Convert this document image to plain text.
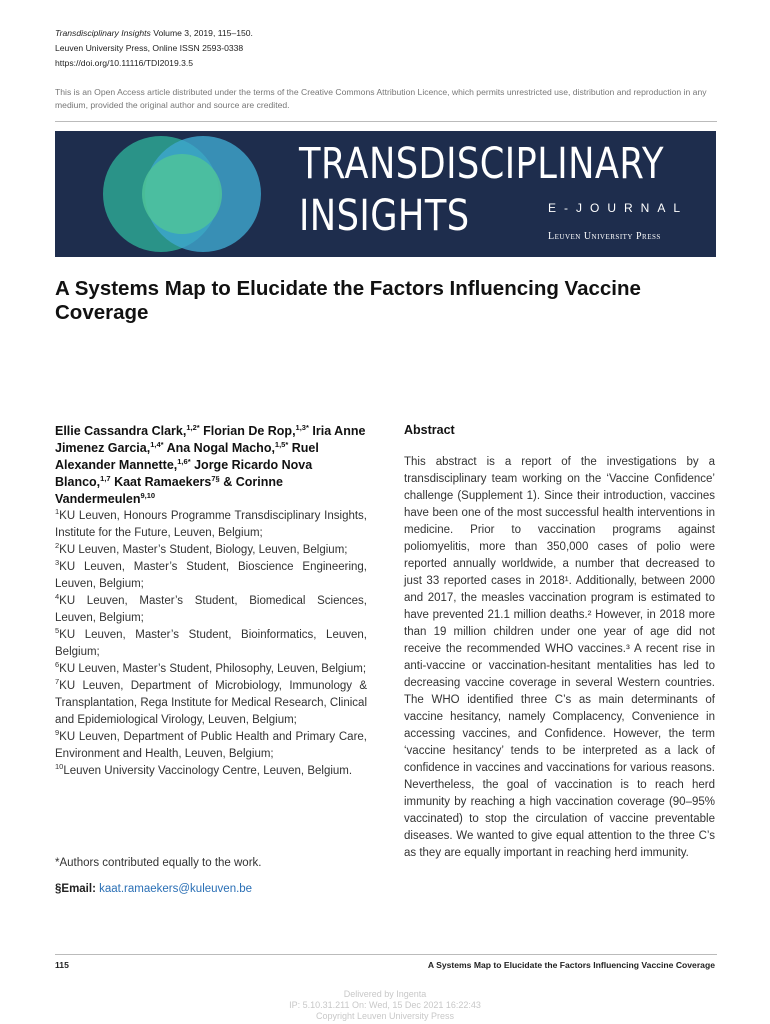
Transdisciplinary Insights Volume 3, 2019, 115–150.
Leuven University Press, Online ISSN 2593-0338
https://doi.org/10.11116/TDI2019.3.5
This is an Open Access article distributed under the terms of the Creative Commons Attribution Licence, which permits unrestricted use, distribution and reproduction in any medium, provided the original author and source are credited.
TRANSDISCIPLINARY
INSIGHTS	E-JOURNAL
Leuven University Press
A Systems Map to Elucidate the Factors Influencing Vaccine Coverage
Ellie Cassandra Clark,$^{1,2*}$ Florian De Rop,$^{1,3*}$ Iria Anne Jimenez Garcia,$^{1,4*}$ Ana Nogal Macho,$^{1,5*}$ Ruel Alexander Mannette,$^{1,6*}$ Jorge Ricardo Nova Blanco,$^{1,7}$ Kaat Ramaekers$^{7\S}$ & Corinne Vandermeulen$^{9,10}$

$^1$KU Leuven, Honours Programme Transdisciplinary Insights, Institute for the Future, Leuven, Belgium;

$^2$KU Leuven, Master’s Student, Biology, Leuven, Belgium;

$^3$KU Leuven, Master’s Student, Bioscience Engineering, Leuven, Belgium;

$^4$KU Leuven, Master’s Student, Biomedical Sciences, Leuven, Belgium;

$^5$KU Leuven, Master’s Student, Bioinformatics, Leuven, Belgium;

$^6$KU Leuven, Master’s Student, Philosophy, Leuven, Belgium;

$^7$KU Leuven, Department of Microbiology, Immunology & Transplantation, Rega Institute for Medical Research, Clinical and Epidemiological Virology, Leuven, Belgium;

$^9$KU Leuven, Department of Public Health and Primary Care, Environment and Health, Leuven, Belgium;

$^{10}$Leuven University Vaccinology Centre, Leuven, Belgium.

*Authors contributed equally to the work.
§Email: kaat.ramaekers@kuleuven.be
Abstract
This abstract is a report of the investigations by a transdisciplinary team working on the ‘Vaccine Confidence’ challenge (Supplement 1). Since their introduction, vaccines have been one of the most successful health interventions in medicine. Prior to vaccination programs against poliomyelitis, more than 350,000 cases of polio were reported annually worldwide, a number that decreased to just 33 reported cases in 2018¹. Additionally, between 2000 and 2017, the measles vaccination program is estimated to have prevented 21.1 million deaths.² However, in 2018 more than 19 million children under one year of age did not receive the recommended WHO vaccines.³ A recent rise in anti-vaccine or vaccination-hesitant mentalities has led to decreasing vaccine coverage in several Western countries. The WHO identified three C’s as main determinants of vaccine hesitancy, namely Complacency, Convenience in accessing vaccines, and Confidence. However, the term ‘vaccine hesitancy’ tends to be interpreted as a lack of confidence in vaccines and vaccinations for various reasons. Nevertheless, the goal of vaccination is to reach herd immunity by reaching a high vaccination coverage (90–95% vaccinated) to stop the circulation of vaccine preventable diseases. We wanted to give equal attention to the three C’s as they are equally important in reaching herd immunity.
115	A Systems Map to Elucidate the Factors Influencing Vaccine Coverage
Delivered by Ingenta
IP: 5.10.31.211 On: Wed, 15 Dec 2021 16:22:43
Copyright Leuven University Press
